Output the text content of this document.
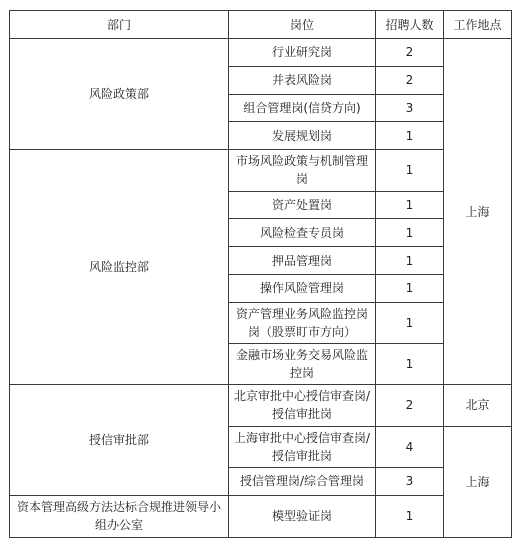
部门	岗位	招聘人数	工作地点
风险政策部	行业研究岗	2	上海
	并表风险岗	2	
	组合管理岗(信贷方向)	3	
	发展规划岗	1	
风险监控部	市场风险政策与机制管理岗	1	
	资产处置岗	1	
	风险检查专员岗	1	
	押品管理岗	1	
	操作风险管理岗	1	
	资产管理业务风险监控岗岗（股票盯市方向）	1	
	金融市场业务交易风险监控岗	1	
授信审批部	北京审批中心授信审查岗/授信审批岗	2	北京
	上海审批中心授信审查岗/授信审批岗	4	上海
	授信管理岗/综合管理岗	3	
资本管理高级方法达标合规推进领导小组办公室	模型验证岗	1	
